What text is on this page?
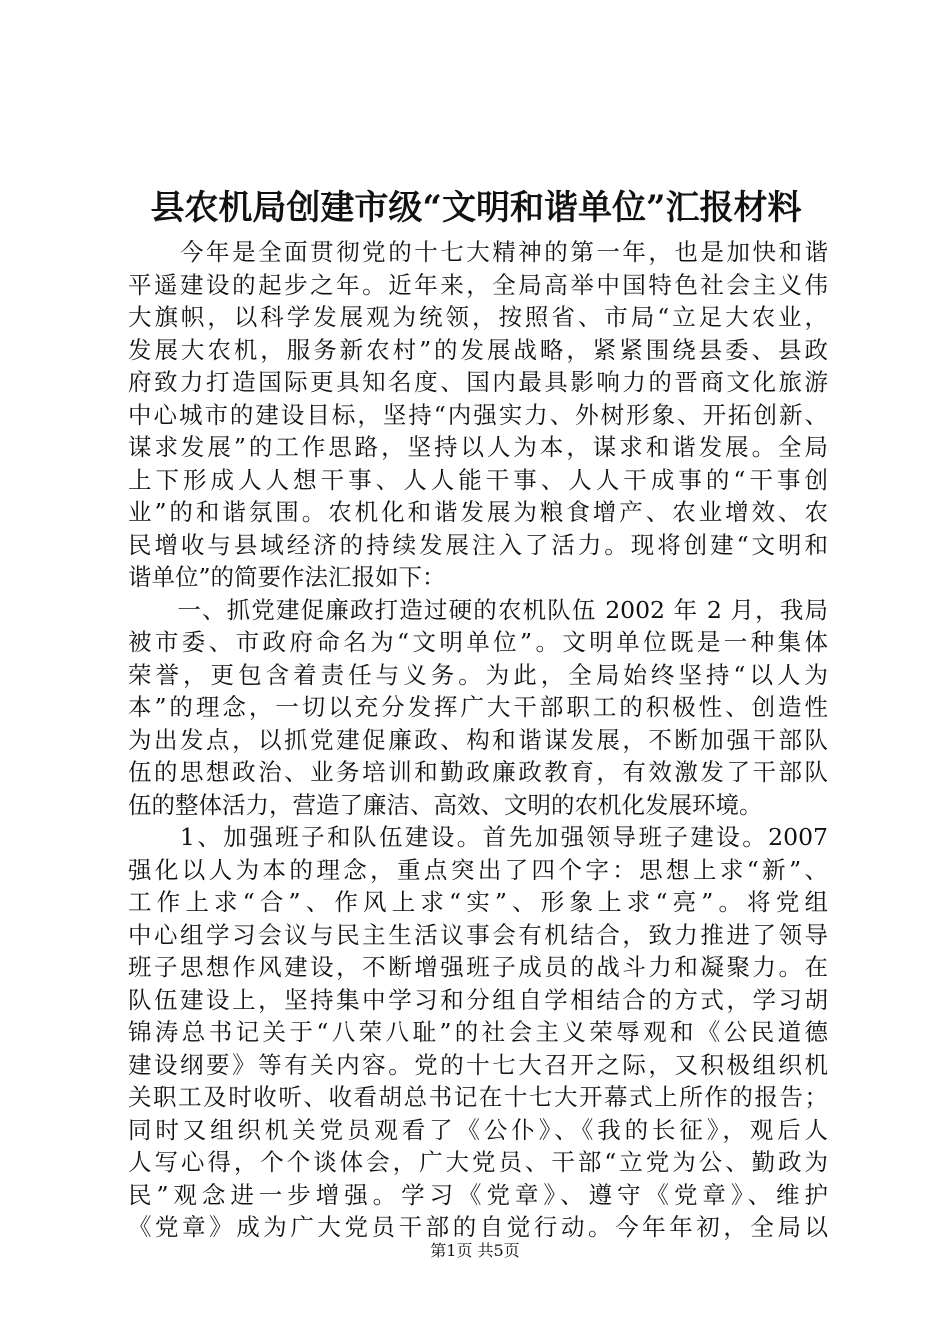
县农机局创建市级“文明和谐单位”汇报材料
　　今年是全面贯彻党的十七大精神的第一年，也是加快和谐
平遥建设的起步之年。近年来，全局高举中国特色社会主义伟
大旗帜，以科学发展观为统领，按照省、市局“立足大农业，
发展大农机，服务新农村”的发展战略，紧紧围绕县委、县政
府致力打造国际更具知名度、国内最具影响力的晋商文化旅游
中心城市的建设目标，坚持“内强实力、外树形象、开拓创新、
谋求发展”的工作思路，坚持以人为本，谋求和谐发展。全局
上下形成人人想干事、人人能干事、人人干成事的“干事创
业”的和谐氛围。农机化和谐发展为粮食增产、农业增效、农
民增收与县域经济的持续发展注入了活力。现将创建“文明和
谐单位”的简要作法汇报如下：
　　一、抓党建促廉政打造过硬的农机队伍 2002 年 2 月，我局
被市委、市政府命名为“文明单位”。文明单位既是一种集体
荣誉，更包含着责任与义务。为此，全局始终坚持“以人为
本”的理念，一切以充分发挥广大干部职工的积极性、创造性
为出发点，以抓党建促廉政、构和谐谋发展，不断加强干部队
伍的思想政治、业务培训和勤政廉政教育，有效激发了干部队
伍的整体活力，营造了廉洁、高效、文明的农机化发展环境。
　　1、加强班子和队伍建设。首先加强领导班子建设。2007
强化以人为本的理念，重点突出了四个字：思想上求“新”、
工作上求“合”、作风上求“实”、形象上求“亮”。将党组
中心组学习会议与民主生活议事会有机结合，致力推进了领导
班子思想作风建设，不断增强班子成员的战斗力和凝聚力。在
队伍建设上，坚持集中学习和分组自学相结合的方式，学习胡
锦涛总书记关于“八荣八耻”的社会主义荣辱观和《公民道德
建设纲要》等有关内容。党的十七大召开之际，又积极组织机
关职工及时收听、收看胡总书记在十七大开幕式上所作的报告；
同时又组织机关党员观看了《公仆》、《我的长征》，观后人
人写心得，个个谈体会，广大党员、干部“立党为公、勤政为
民”观念进一步增强。学习《党章》、遵守《党章》、维护
《党章》成为广大党员干部的自觉行动。今年年初，全局以
第1页 共5页
